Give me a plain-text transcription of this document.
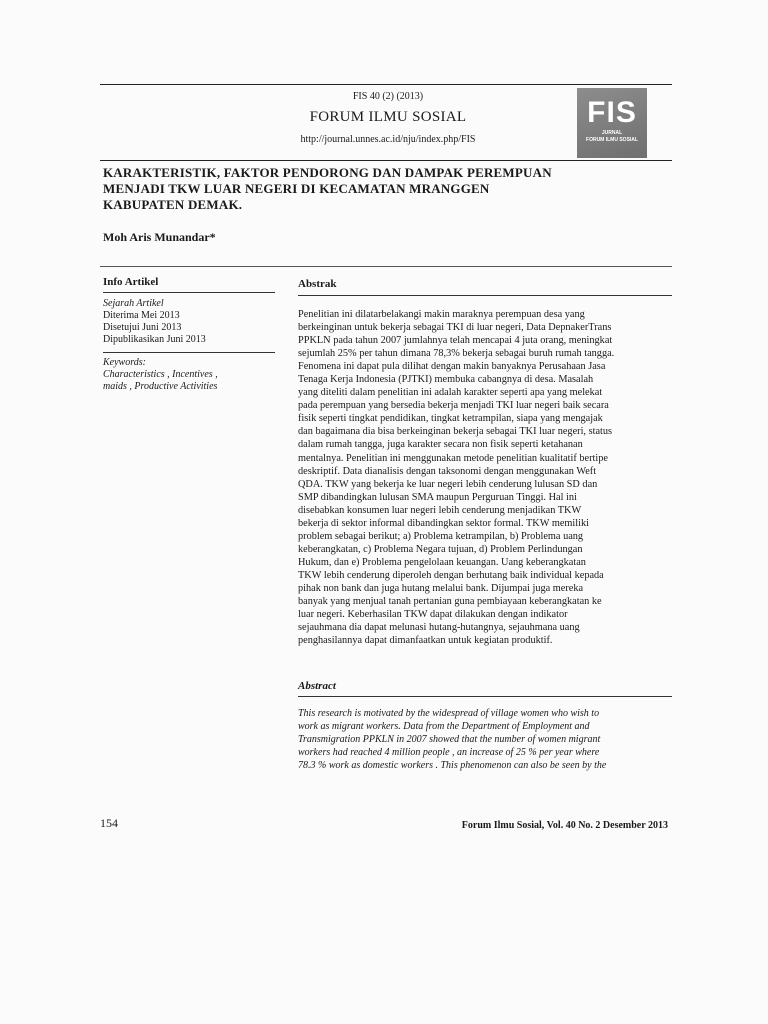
FIS 40 (2) (2013)
FORUM ILMU SOSIAL
http://journal.unnes.ac.id/nju/index.php/FIS
FIS
JURNAL
FORUM ILMU SOSIAL
KARAKTERISTIK, FAKTOR PENDORONG DAN DAMPAK PEREMPUAN
MENJADI TKW LUAR NEGERI DI KECAMATAN MRANGGEN
KABUPATEN DEMAK.
Moh Aris Munandar*
Info Artikel
Sejarah Artikel
Diterima Mei 2013
Disetujui Juni 2013
Dipublikasikan Juni 2013
Keywords:
Characteristics , Incentives ,
maids , Productive Activities
Abstrak
Penelitian ini dilatarbelakangi makin maraknya perempuan desa yang
berkeinginan untuk bekerja sebagai TKI di luar negeri, Data DepnakerTrans
PPKLN pada tahun 2007 jumlahnya telah mencapai 4 juta orang, meningkat
sejumlah 25% per tahun dimana 78,3% bekerja sebagai buruh rumah tangga.
Fenomena ini dapat pula dilihat dengan makin banyaknya Perusahaan Jasa
Tenaga Kerja Indonesia (PJTKI) membuka cabangnya di desa. Masalah
yang diteliti dalam penelitian ini adalah karakter seperti apa yang melekat
pada perempuan yang bersedia bekerja menjadi TKI luar negeri baik secara
fisik seperti tingkat pendidikan, tingkat ketrampilan, siapa yang mengajak
dan bagaimana dia bisa berkeinginan bekerja sebagai TKI luar negeri, status
dalam rumah tangga, juga karakter secara non fisik seperti ketahanan
mentalnya. Penelitian ini menggunakan metode penelitian kualitatif bertipe
deskriptif. Data dianalisis dengan taksonomi dengan menggunakan Weft
QDA. TKW yang bekerja ke luar negeri lebih cenderung lulusan SD dan
SMP dibandingkan lulusan SMA maupun Perguruan Tinggi. Hal ini
disebabkan konsumen luar negeri lebih cenderung menjadikan TKW
bekerja di sektor informal dibandingkan sektor formal. TKW memiliki
problem sebagai berikut; a) Problema ketrampilan, b) Problema uang
keberangkatan, c) Problema Negara tujuan, d) Problem Perlindungan
Hukum, dan e) Problema pengelolaan keuangan. Uang keberangkatan
TKW lebih cenderung diperoleh dengan berhutang baik individual kepada
pihak non bank dan juga hutang melalui bank. Dijumpai juga mereka
banyak yang menjual tanah pertanian guna pembiayaan keberangkatan ke
luar negeri. Keberhasilan TKW dapat dilakukan dengan indikator
sejauhmana dia dapat melunasi hutang-hutangnya, sejauhmana uang
penghasilannya dapat dimanfaatkan untuk kegiatan produktif.
Abstract
This research is motivated by the widespread of village women who wish to
work as migrant workers. Data from the Department of Employment and
Transmigration PPKLN in 2007 showed that the number of women migrant
workers had reached 4 million people , an increase of 25 % per year where
78.3 % work as domestic workers . This phenomenon can also be seen by the
154	Forum Ilmu Sosial, Vol. 40 No. 2 Desember 2013
